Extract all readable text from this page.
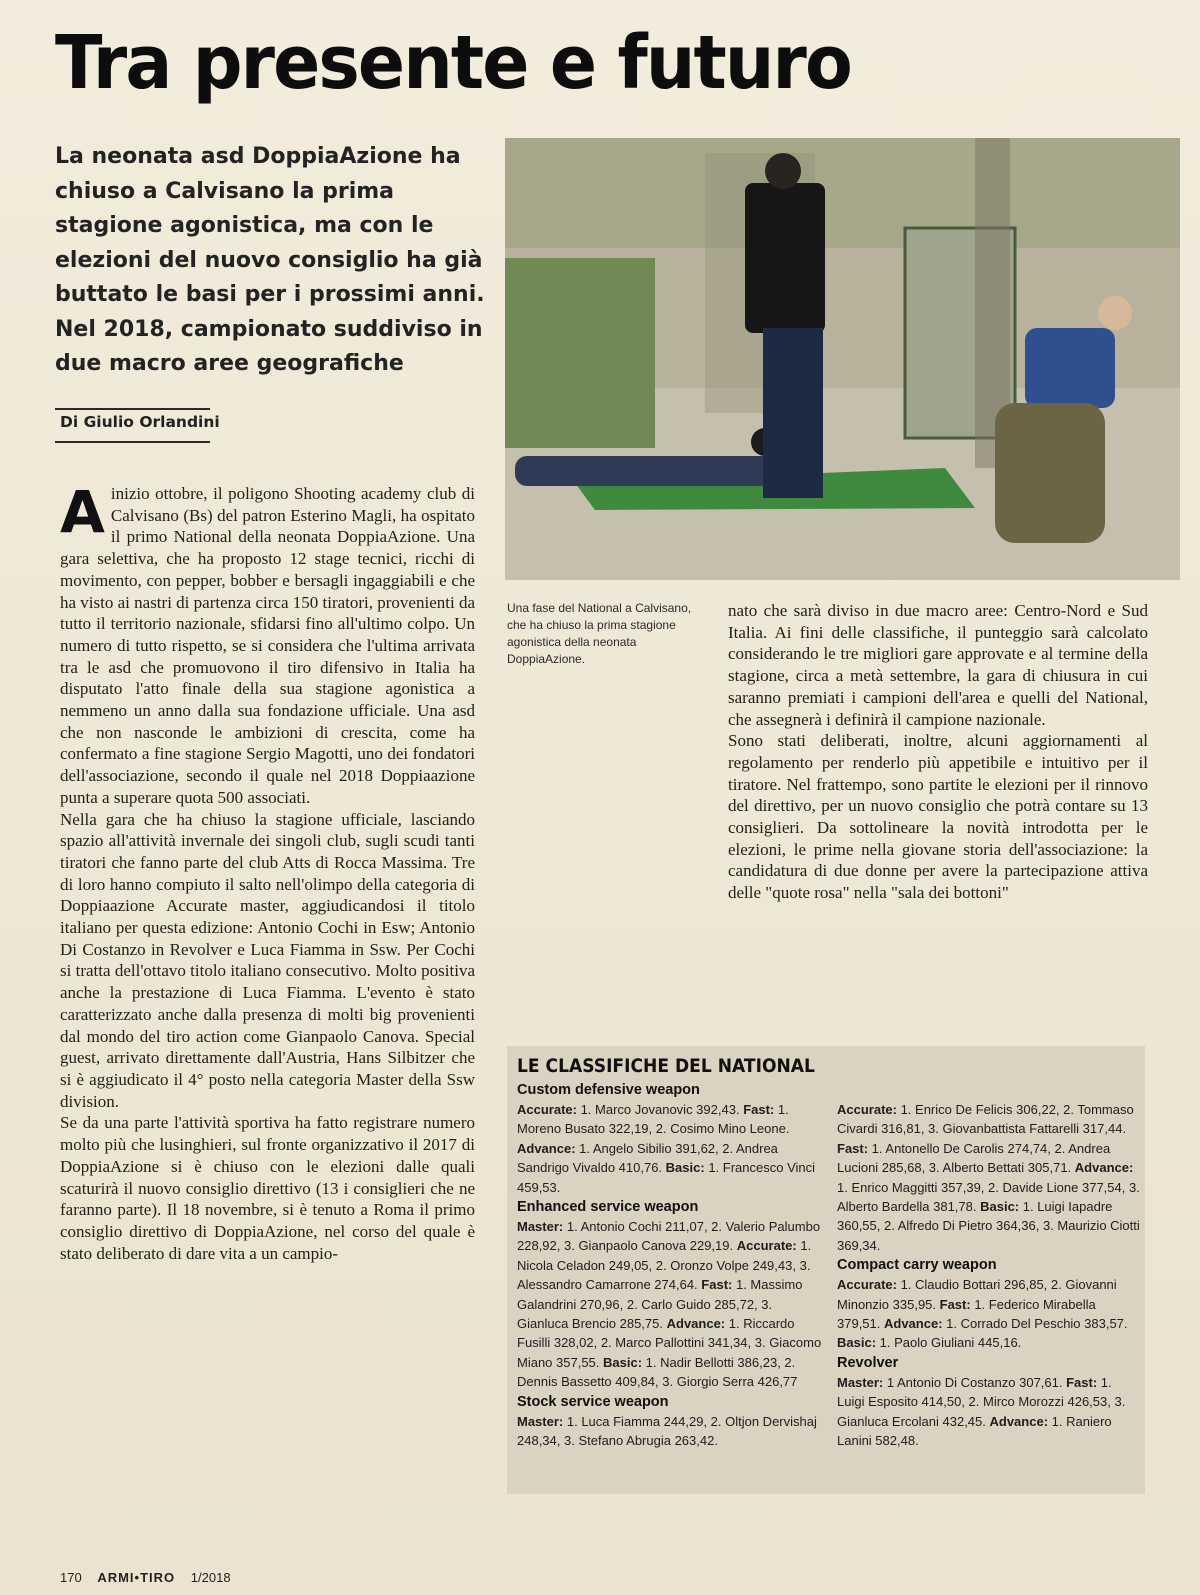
Tra presente e futuro
La neonata asd DoppiaAzione ha chiuso a Calvisano la prima stagione agonistica, ma con le elezioni del nuovo consiglio ha già buttato le basi per i prossimi anni. Nel 2018, campionato suddiviso in due macro aree geografiche
Di Giulio Orlandini
Una fase del National a Calvisano, che ha chiuso la prima stagione agonistica della neonata DoppiaAzione.

Ainizio ottobre, il poligono Shooting academy club di Calvisano (Bs) del patron Esterino Magli, ha ospitato il primo National della neonata DoppiaAzione. Una gara selettiva, che ha proposto 12 stage tecnici, ricchi di movimento, con pepper, bobber e bersagli ingaggiabili e che ha visto ai nastri di partenza circa 150 tiratori, provenienti da tutto il territorio nazionale, sfidarsi fino all'ultimo colpo. Un numero di tutto rispetto, se si considera che l'ultima arrivata tra le asd che promuovono il tiro difensivo in Italia ha disputato l'atto finale della sua stagione agonistica a nemmeno un anno dalla sua fondazione ufficiale. Una asd che non nasconde le ambizioni di crescita, come ha confermato a fine stagione Sergio Magotti, uno dei fondatori dell'associazione, secondo il quale nel 2018 Doppiaazione punta a superare quota 500 associati.

Nella gara che ha chiuso la stagione ufficiale, lasciando spazio all'attività invernale dei singoli club, sugli scudi tanti tiratori che fanno parte del club Atts di Rocca Massima. Tre di loro hanno compiuto il salto nell'olimpo della categoria di Doppiaazione Accurate master, aggiudicandosi il titolo italiano per questa edizione: Antonio Cochi in Esw; Antonio Di Costanzo in Revolver e Luca Fiamma in Ssw. Per Cochi si tratta dell'ottavo titolo italiano consecutivo. Molto positiva anche la prestazione di Luca Fiamma. L'evento è stato caratterizzato anche dalla presenza di molti big provenienti dal mondo del tiro action come Gianpaolo Canova. Special guest, arrivato direttamente dall'Austria, Hans Silbitzer che si è aggiudicato il 4° posto nella categoria Master della Ssw division.

Se da una parte l'attività sportiva ha fatto registrare numero molto più che lusinghieri, sul fronte organizzativo il 2017 di DoppiaAzione si è chiuso con le elezioni dalle quali scaturirà il nuovo consiglio direttivo (13 i consiglieri che ne faranno parte). Il 18 novembre, si è tenuto a Roma il primo consiglio direttivo di DoppiaAzione, nel corso del quale è stato deliberato di dare vita a un campio-

nato che sarà diviso in due macro aree: Centro-Nord e Sud Italia. Ai fini delle classifiche, il punteggio sarà calcolato considerando le tre migliori gare approvate e al termine della stagione, circa a metà settembre, la gara di chiusura in cui saranno premiati i campioni dell'area e quelli del National, che assegnerà i definirà il campione nazionale.

Sono stati deliberati, inoltre, alcuni aggiornamenti al regolamento per renderlo più appetibile e intuitivo per il tiratore. Nel frattempo, sono partite le elezioni per il rinnovo del direttivo, per un nuovo consiglio che potrà contare su 13 consiglieri. Da sottolineare la novità introdotta per le elezioni, le prime nella giovane storia dell'associazione: la candidatura di due donne per avere la partecipazione attiva delle "quote rosa" nella "sala dei bottoni"

LE CLASSIFICHE DEL NATIONAL
Custom defensive weapon

Accurate: 1. Marco Jovanovic 392,43. Fast: 1. Moreno Busato 322,19, 2. Cosimo Mino Leone. Advance: 1. Angelo Sibilio 391,62, 2. Andrea Sandrigo Vivaldo 410,76. Basic: 1. Francesco Vinci 459,53.

Enhanced service weapon

Master: 1. Antonio Cochi 211,07, 2. Valerio Palumbo 228,92, 3. Gianpaolo Canova 229,19. Accurate: 1. Nicola Celadon 249,05, 2. Oronzo Volpe 249,43, 3. Alessandro Camarrone 274,64. Fast: 1. Massimo Galandrini 270,96, 2. Carlo Guido 285,72, 3. Gianluca Brencio 285,75. Advance: 1. Riccardo Fusilli 328,02, 2. Marco Pallottini 341,34, 3. Giacomo Miano 357,55. Basic: 1. Nadir Bellotti 386,23, 2. Dennis Bassetto 409,84, 3. Giorgio Serra 426,77

Stock service weapon

Master: 1. Luca Fiamma 244,29, 2. Oltjon Dervishaj 248,34, 3. Stefano Abrugia 263,42.

Accurate: 1. Enrico De Felicis 306,22, 2. Tommaso Civardi 316,81, 3. Giovanbattista Fattarelli 317,44. Fast: 1. Antonello De Carolis 274,74, 2. Andrea Lucioni 285,68, 3. Alberto Bettati 305,71. Advance: 1. Enrico Maggitti 357,39, 2. Davide Lione 377,54, 3. Alberto Bardella 381,78. Basic: 1. Luigi Iapadre 360,55, 2. Alfredo Di Pietro 364,36, 3. Maurizio Ciotti 369,34.

Compact carry weapon

Accurate: 1. Claudio Bottari 296,85, 2. Giovanni Minonzio 335,95. Fast: 1. Federico Mirabella 379,51. Advance: 1. Corrado Del Peschio 383,57. Basic: 1. Paolo Giuliani 445,16.

Revolver

Master: 1 Antonio Di Costanzo 307,61. Fast: 1. Luigi Esposito 414,50, 2. Mirco Morozzi 426,53, 3. Gianluca Ercolani 432,45. Advance: 1. Raniero Lanini 582,48.

170 ARMI•TIRO 1/2018
